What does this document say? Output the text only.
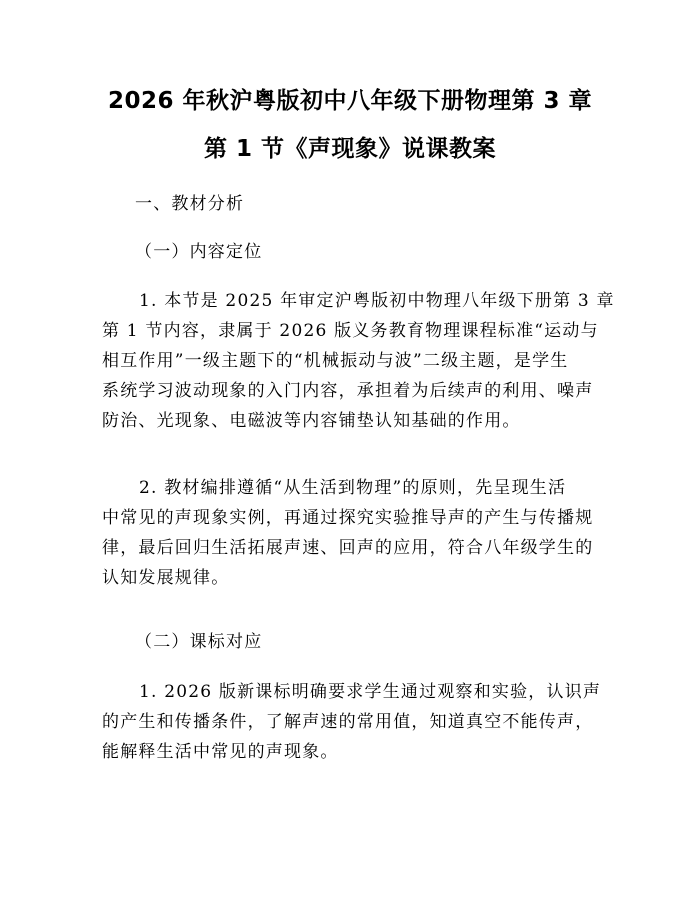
2026 年秋沪粤版初中八年级下册物理第 3 章
第 1 节《声现象》说课教案

一、教材分析

（一）内容定位

1. 本节是 2025 年审定沪粤版初中物理八年级下册第 3 章
第 1 节内容，隶属于 2026 版义务教育物理课程标准“运动与
相互作用”一级主题下的“机械振动与波”二级主题，是学生
系统学习波动现象的入门内容，承担着为后续声的利用、噪声
防治、光现象、电磁波等内容铺垫认知基础的作用。
2. 教材编排遵循“从生活到物理”的原则，先呈现生活
中常见的声现象实例，再通过探究实验推导声的产生与传播规
律，最后回归生活拓展声速、回声的应用，符合八年级学生的
认知发展规律。

（二）课标对应

1. 2026 版新课标明确要求学生通过观察和实验，认识声
的产生和传播条件，了解声速的常用值，知道真空不能传声，
能解释生活中常见的声现象。
